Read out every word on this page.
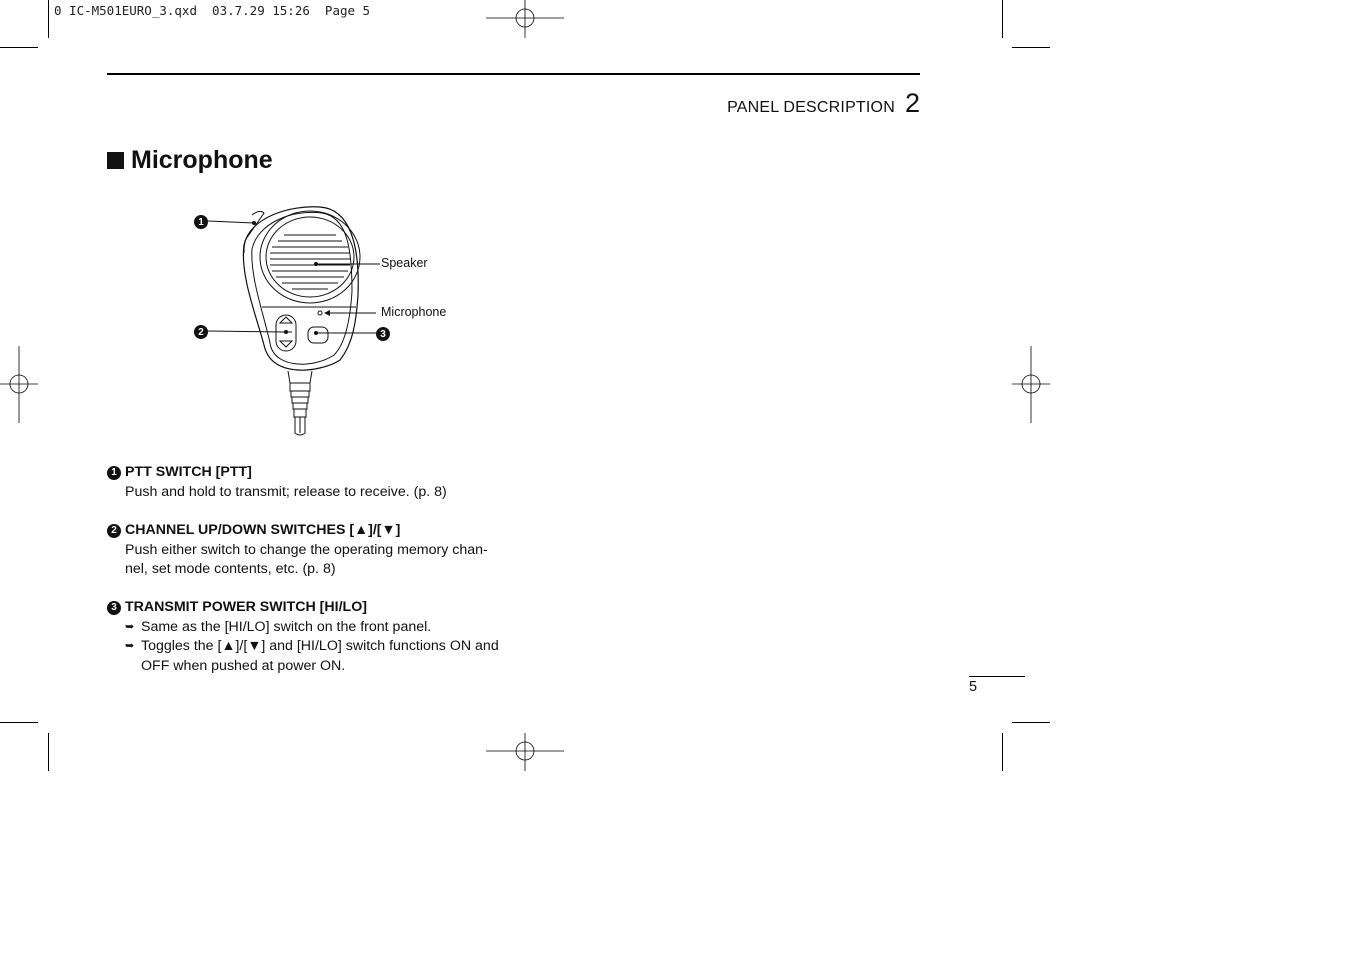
0 IC-M501EURO_3.qxd  03.7.29 15:26  Page 5
PANEL DESCRIPTION 2
Microphone
1
2	3
Speaker
Microphone
1 PTT SWITCH [PTT]
Push and hold to transmit; release to receive. (p. 8)
2 CHANNEL UP/DOWN SWITCHES [▲]/[▼]
Push either switch to change the operating memory chan-
nel, set mode contents, etc. (p. 8)
3 TRANSMIT POWER SWITCH [HI/LO]
➥ Same as the [HI/LO] switch on the front panel.
➥ Toggles the [▲]/[▼] and [HI/LO] switch functions ON and
OFF when pushed at power ON.
5
